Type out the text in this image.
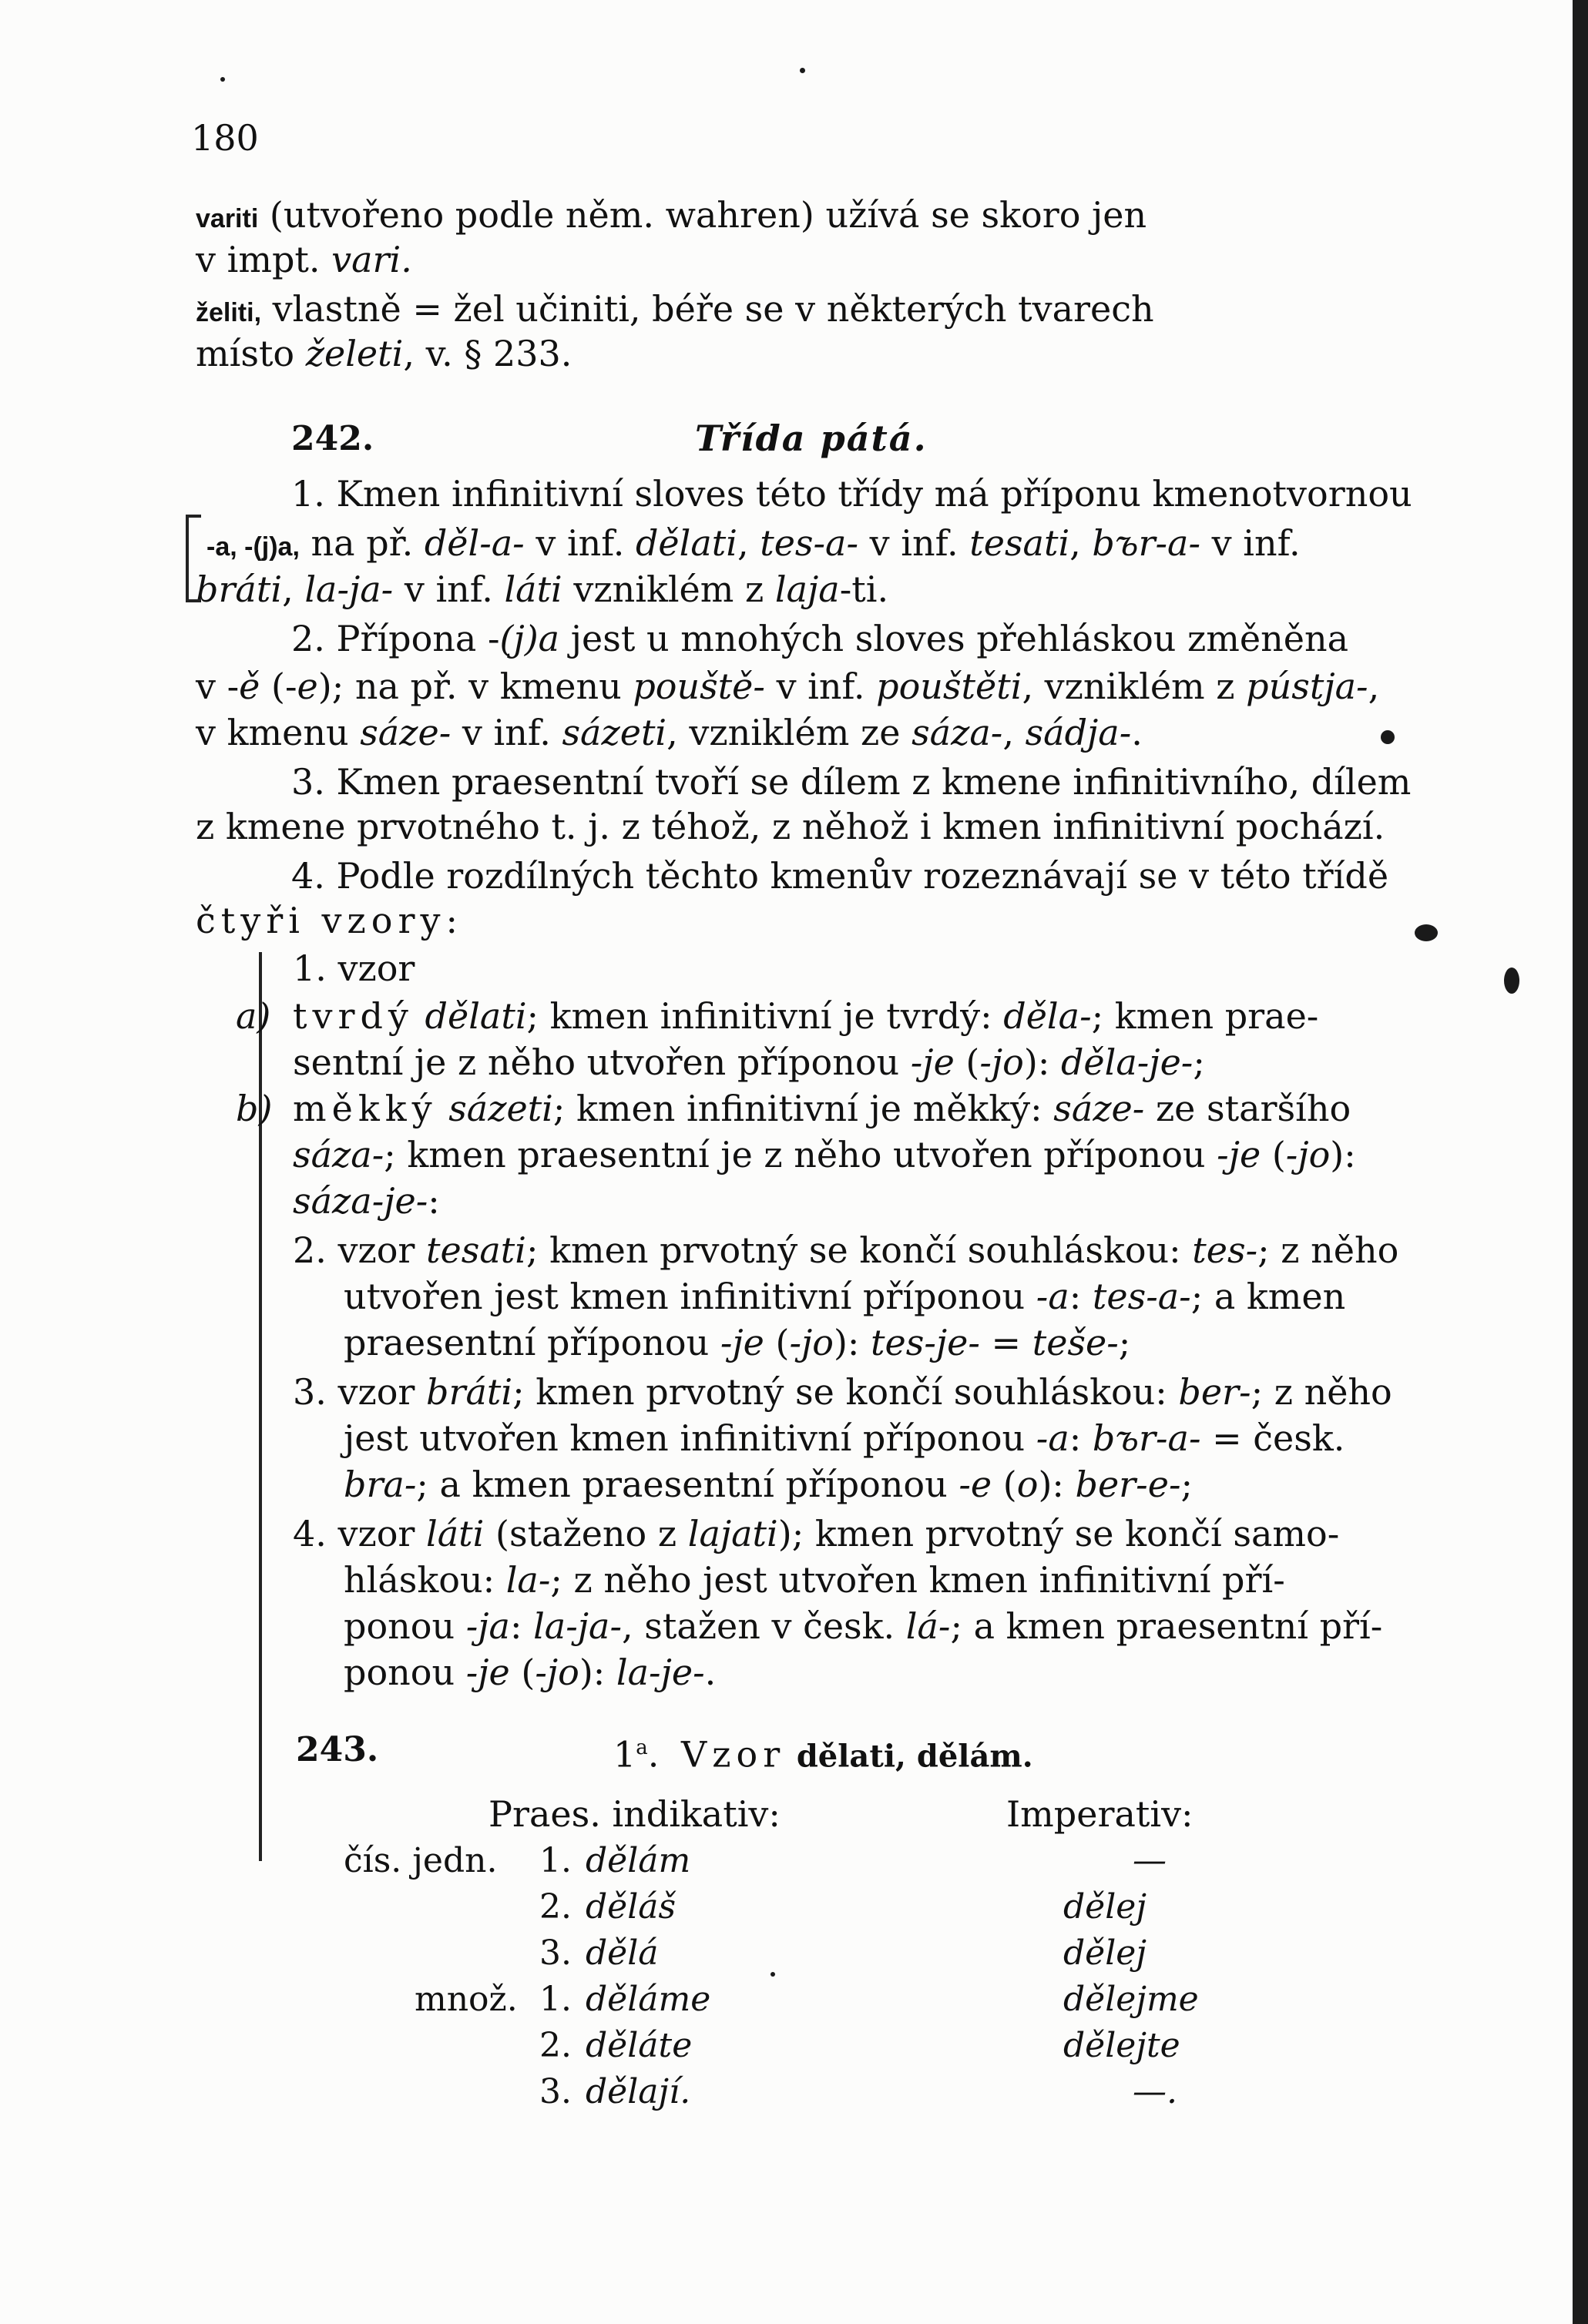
180
variti (utvořeno podle něm. wahren) užívá se skoro jen
v impt. vari.
želiti, vlastně = žel učiniti, béře se v některých tvarech
místo želeti, v. § 233.
242.	Třída pátá.
1. Kmen infinitivní sloves této třídy má příponu kmenotvornou
-a, -(j)a, na př. děl-a- v inf. dělati, tes-a- v inf. tesati, bъr-a- v inf.
bráti, la-ja- v inf. láti vzniklém z laja-ti.
2. Přípona -(j)a jest u mnohých sloves přehláskou změněna
v -ě (-e); na př. v kmenu pouště- v inf. pouštěti, vzniklém z pústja-,
v kmenu sáze- v inf. sázeti, vzniklém ze sáza-, sádja-.
3. Kmen praesentní tvoří se dílem z kmene infinitivního, dílem
z kmene prvotného t. j. z téhož, z něhož i kmen infinitivní pochází.
4. Podle rozdílných těchto kmenův rozeznávají se v této třídě
čtyři vzory:
1. vzor
a) tvrdý dělati; kmen infinitivní je tvrdý: děla-; kmen prae-
sentní je z něho utvořen příponou -je (-jo): děla-je-;
b) měkký sázeti; kmen infinitivní je měkký: sáze- ze staršího
sáza-; kmen praesentní je z něho utvořen příponou -je (-jo):
sáza-je-:
2. vzor tesati; kmen prvotný se končí souhláskou: tes-; z něho
utvořen jest kmen infinitivní příponou -a: tes-a-; a kmen
praesentní příponou -je (-jo): tes-je- = teše-;
3. vzor bráti; kmen prvotný se končí souhláskou: ber-; z něho
jest utvořen kmen infinitivní příponou -a: bъr-a- = česk.
bra-; a kmen praesentní příponou -e (o): ber-e-;
4. vzor láti (staženo z lajati); kmen prvotný se končí samo-
hláskou: la-; z něho jest utvořen kmen infinitivní pří-
ponou -ja: la-ja-, stažen v česk. lá-; a kmen praesentní pří-
ponou -je (-jo): la-je-.
243.	1$^a$. Vzor dělati, dělám.
Praes. indikativ:	Imperativ:
čís. jedn. 1. dělám	—
2. děláš	dělej
3. dělá	dělej
množ. 1. děláme	dělejme
2. děláte	dělejte
3. dělají.	—.
